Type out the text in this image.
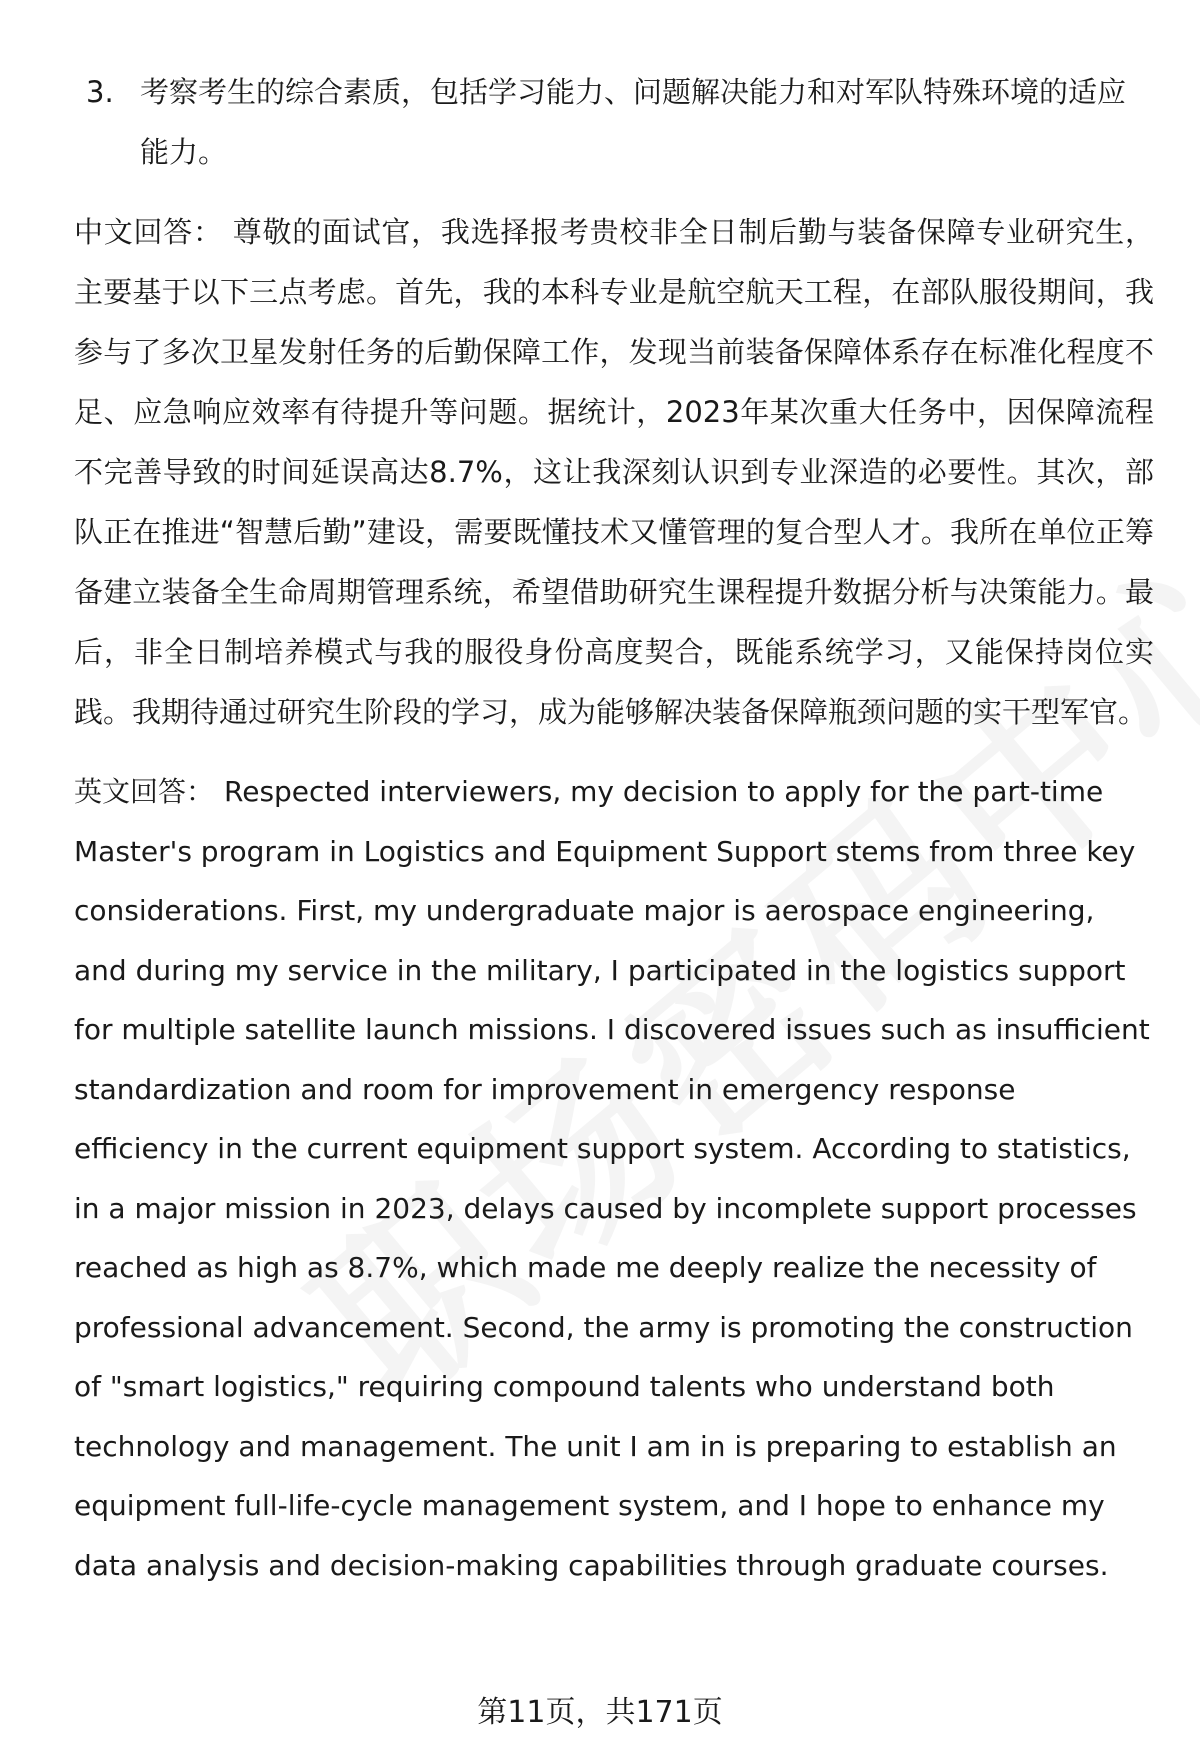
3. 考察考生的综合素质，包括学习能力、问题解决能力和对军队特殊环境的适应能力。

中文回答： 尊敬的面试官，我选择报考贵校非全日制后勤与装备保障专业研究生，主要基于以下三点考虑。首先，我的本科专业是航空航天工程，在部队服役期间，我参与了多次卫星发射任务的后勤保障工作，发现当前装备保障体系存在标准化程度不足、应急响应效率有待提升等问题。据统计，2023年某次重大任务中，因保障流程不完善导致的时间延误高达8.7%，这让我深刻认识到专业深造的必要性。其次，部队正在推进“智慧后勤”建设，需要既懂技术又懂管理的复合型人才。我所在单位正筹备建立装备全生命周期管理系统，希望借助研究生课程提升数据分析与决策能力。最后，非全日制培养模式与我的服役身份高度契合，既能系统学习，又能保持岗位实践。我期待通过研究生阶段的学习，成为能够解决装备保障瓶颈问题的实干型军官。

英文回答： Respected interviewers, my decision to apply for the part-time Master's program in Logistics and Equipment Support stems from three key considerations. First, my undergraduate major is aerospace engineering, and during my service in the military, I participated in the logistics support for multiple satellite launch missions. I discovered issues such as insufficient standardization and room for improvement in emergency response efficiency in the current equipment support system. According to statistics, in a major mission in 2023, delays caused by incomplete support processes reached as high as 8.7%, which made me deeply realize the necessity of professional advancement. Second, the army is promoting the construction of "smart logistics," requiring compound talents who understand both technology and management. The unit I am in is preparing to establish an equipment full-life-cycle management system, and I hope to enhance my data analysis and decision-making capabilities through graduate courses.

第11页，共171页
